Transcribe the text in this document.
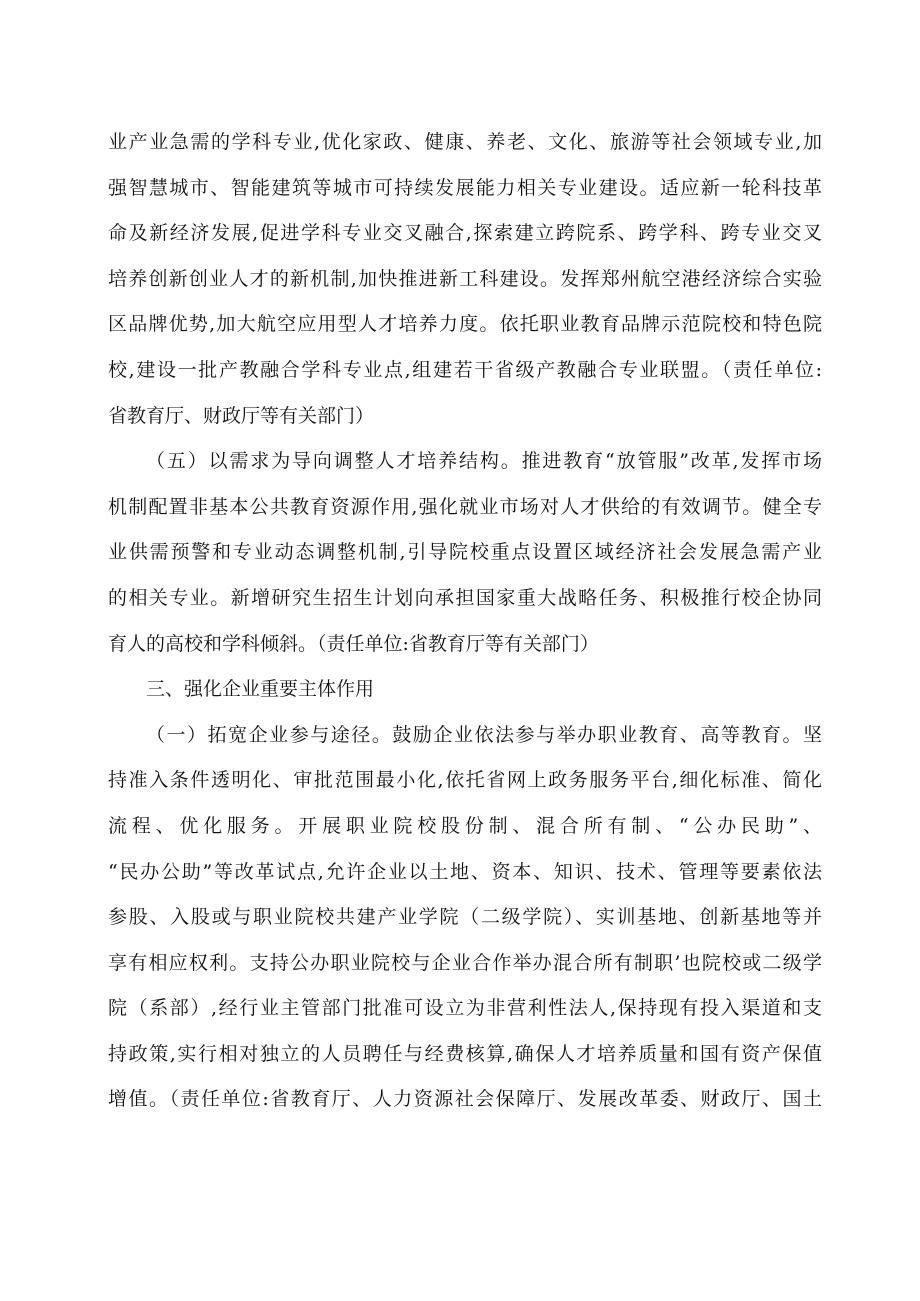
业产业急需的学科专业,优化家政、健康、养老、文化、旅游等社会领域专业,加
强智慧城市、智能建筑等城市可持续发展能力相关专业建设。适应新一轮科技革
命及新经济发展,促进学科专业交叉融合,探索建立跨院系、跨学科、跨专业交叉
培养创新创业人才的新机制,加快推进新工科建设。发挥郑州航空港经济综合实验
区品牌优势,加大航空应用型人才培养力度。依托职业教育品牌示范院校和特色院
校,建设一批产教融合学科专业点,组建若干省级产教融合专业联盟。（责任单位:
省教育厅、财政厅等有关部门）
（五）以需求为导向调整人才培养结构。推进教育“放管服”改革,发挥市场
机制配置非基本公共教育资源作用,强化就业市场对人才供给的有效调节。健全专
业供需预警和专业动态调整机制,引导院校重点设置区域经济社会发展急需产业
的相关专业。新增研究生招生计划向承担国家重大战略任务、积极推行校企协同
育人的高校和学科倾斜。（责任单位:省教育厅等有关部门）
三、强化企业重要主体作用
（一）拓宽企业参与途径。鼓励企业依法参与举办职业教育、高等教育。坚
持准入条件透明化、审批范围最小化,依托省网上政务服务平台,细化标准、简化
流程、优化服务。开展职业院校股份制、混合所有制、“公办民助”、
“民办公助”等改革试点,允许企业以土地、资本、知识、技术、管理等要素依法
参股、入股或与职业院校共建产业学院（二级学院）、实训基地、创新基地等并
享有相应权利。支持公办职业院校与企业合作举办混合所有制职’也院校或二级学
院（系部）,经行业主管部门批准可设立为非营利性法人,保持现有投入渠道和支
持政策,实行相对独立的人员聘任与经费核算,确保人才培养质量和国有资产保值
增值。（责任单位:省教育厅、人力资源社会保障厅、发展改革委、财政厅、国土
